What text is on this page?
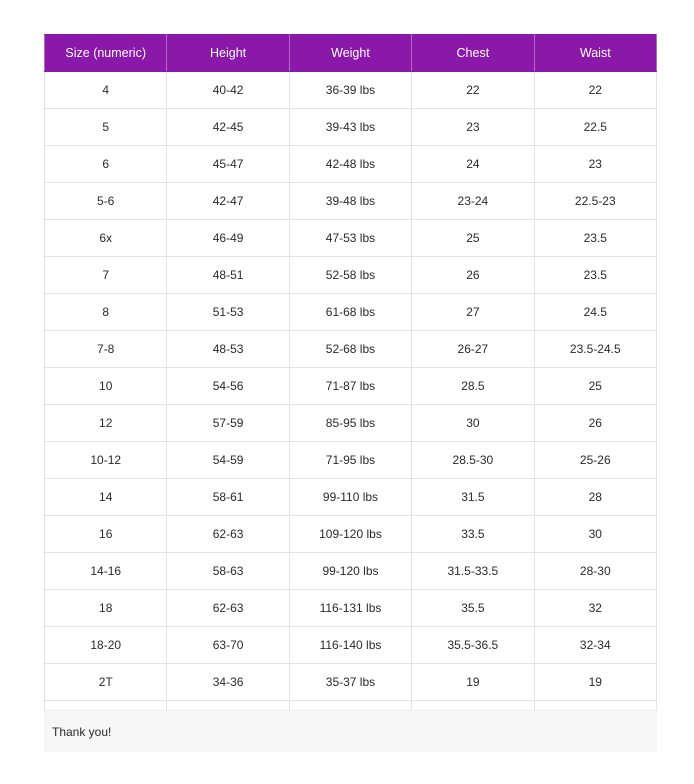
Size (numeric)	Height	Weight	Chest	Waist
4	40-42	36-39 lbs	22	22
5	42-45	39-43 lbs	23	22.5
6	45-47	42-48 lbs	24	23
5-6	42-47	39-48 lbs	23-24	22.5-23
6x	46-49	47-53 lbs	25	23.5
7	48-51	52-58 lbs	26	23.5
8	51-53	61-68 lbs	27	24.5
7-8	48-53	52-68 lbs	26-27	23.5-24.5
10	54-56	71-87 lbs	28.5	25
12	57-59	85-95 lbs	30	26
10-12	54-59	71-95 lbs	28.5-30	25-26
14	58-61	99-110 lbs	31.5	28
16	62-63	109-120 lbs	33.5	30
14-16	58-63	99-120 lbs	31.5-33.5	28-30
18	62-63	116-131 lbs	35.5	32
18-20	63-70	116-140 lbs	35.5-36.5	32-34
2T	34-36	35-37 lbs	19	19

Thank you!
